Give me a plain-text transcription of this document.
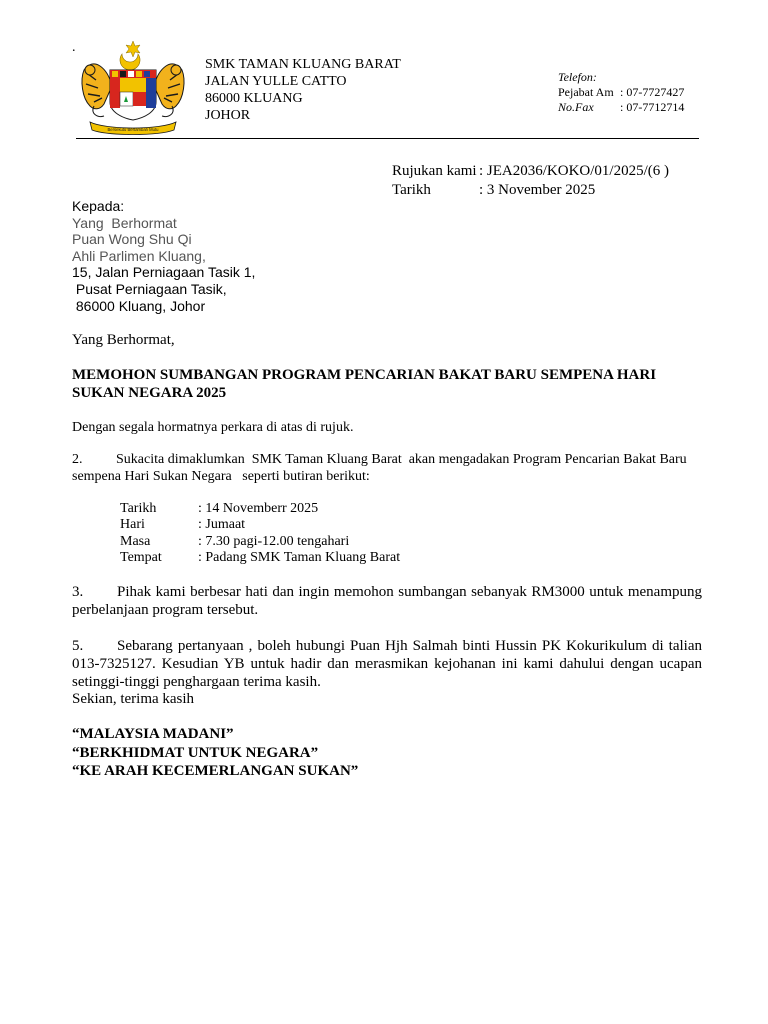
.
Bersekutu Bertambah Mutu
SMK TAMAN KLUANG BARAT
JALAN YULLE CATTO
86000 KLUANG
JOHOR
Telefon:
Pejabat Am : 07-7727427
No.Fax : 07-7712714
Rujukan kami : JEA2036/KOKO/01/2025/(6 )
Tarikh	: 3 November 2025
Kepada:
Yang  Berhormat
Puan Wong Shu Qi
Ahli Parlimen Kluang,
15, Jalan Perniagaan Tasik 1,
Pusat Perniagaan Tasik,
86000 Kluang, Johor
Yang Berhormat,
MEMOHON SUMBANGAN PROGRAM PENCARIAN BAKAT BARU SEMPENA HARI SUKAN NEGARA 2025
Dengan segala hormatnya perkara di atas di rujuk.
2. Sukacita dimaklumkan  SMK Taman Kluang Barat  akan mengadakan Program Pencarian Bakat Baru sempena Hari Sukan Negara   seperti butiran berikut:
Tarikh	: 14 Novemberr 2025
Hari	: Jumaat
Masa	: 7.30 pagi-12.00 tengahari
Tempat	: Padang SMK Taman Kluang Barat
3. Pihak kami berbesar hati dan ingin memohon sumbangan sebanyak RM3000 untuk menampung perbelanjaan program tersebut.
5. Sebarang pertanyaan , boleh hubungi Puan Hjh Salmah binti Hussin PK Kokurikulum di talian 013-7325127. Kesudian YB untuk hadir dan merasmikan kejohanan ini kami dahului dengan ucapan setinggi-tinggi penghargaan terima kasih.
Sekian, terima kasih
“MALAYSIA MADANI”
“BERKHIDMAT UNTUK NEGARA”
“KE ARAH KECEMERLANGAN SUKAN”
